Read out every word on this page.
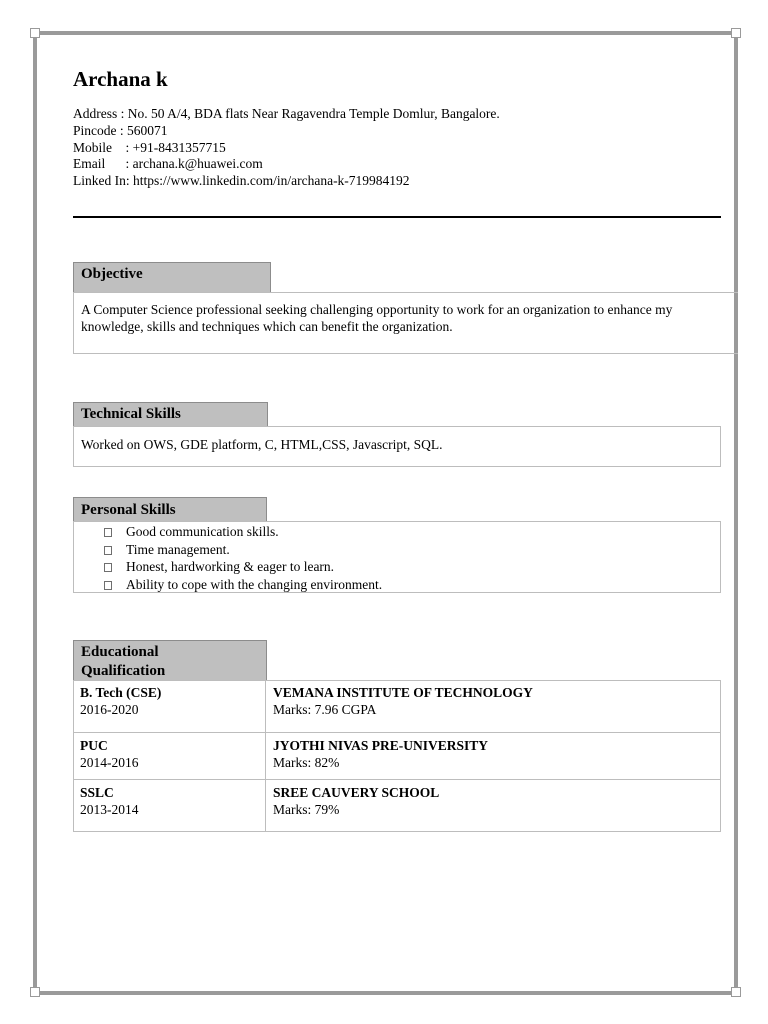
Archana k
Address : No. 50 A/4, BDA flats Near Ragavendra Temple Domlur, Bangalore.
Pincode : 560071
Mobile    : +91-8431357715
Email      : archana.k@huawei.com
Linked In: https://www.linkedin.com/in/archana-k-719984192
Objective
A Computer Science professional seeking challenging opportunity to work for an organization to enhance my knowledge, skills and techniques which can benefit the organization.
Technical Skills
Worked on OWS, GDE platform, C, HTML,CSS, Javascript, SQL.
Personal Skills
Good communication skills.
Time management.
Honest, hardworking & eager to learn.
Ability to cope with the changing environment.
Educational
Qualification
B. Tech (CSE)
2016-2020
VEMANA INSTITUTE OF TECHNOLOGY
Marks: 7.96 CGPA
PUC
2014-2016
JYOTHI NIVAS PRE-UNIVERSITY
Marks: 82%
SSLC
2013-2014
SREE CAUVERY SCHOOL
Marks: 79%
